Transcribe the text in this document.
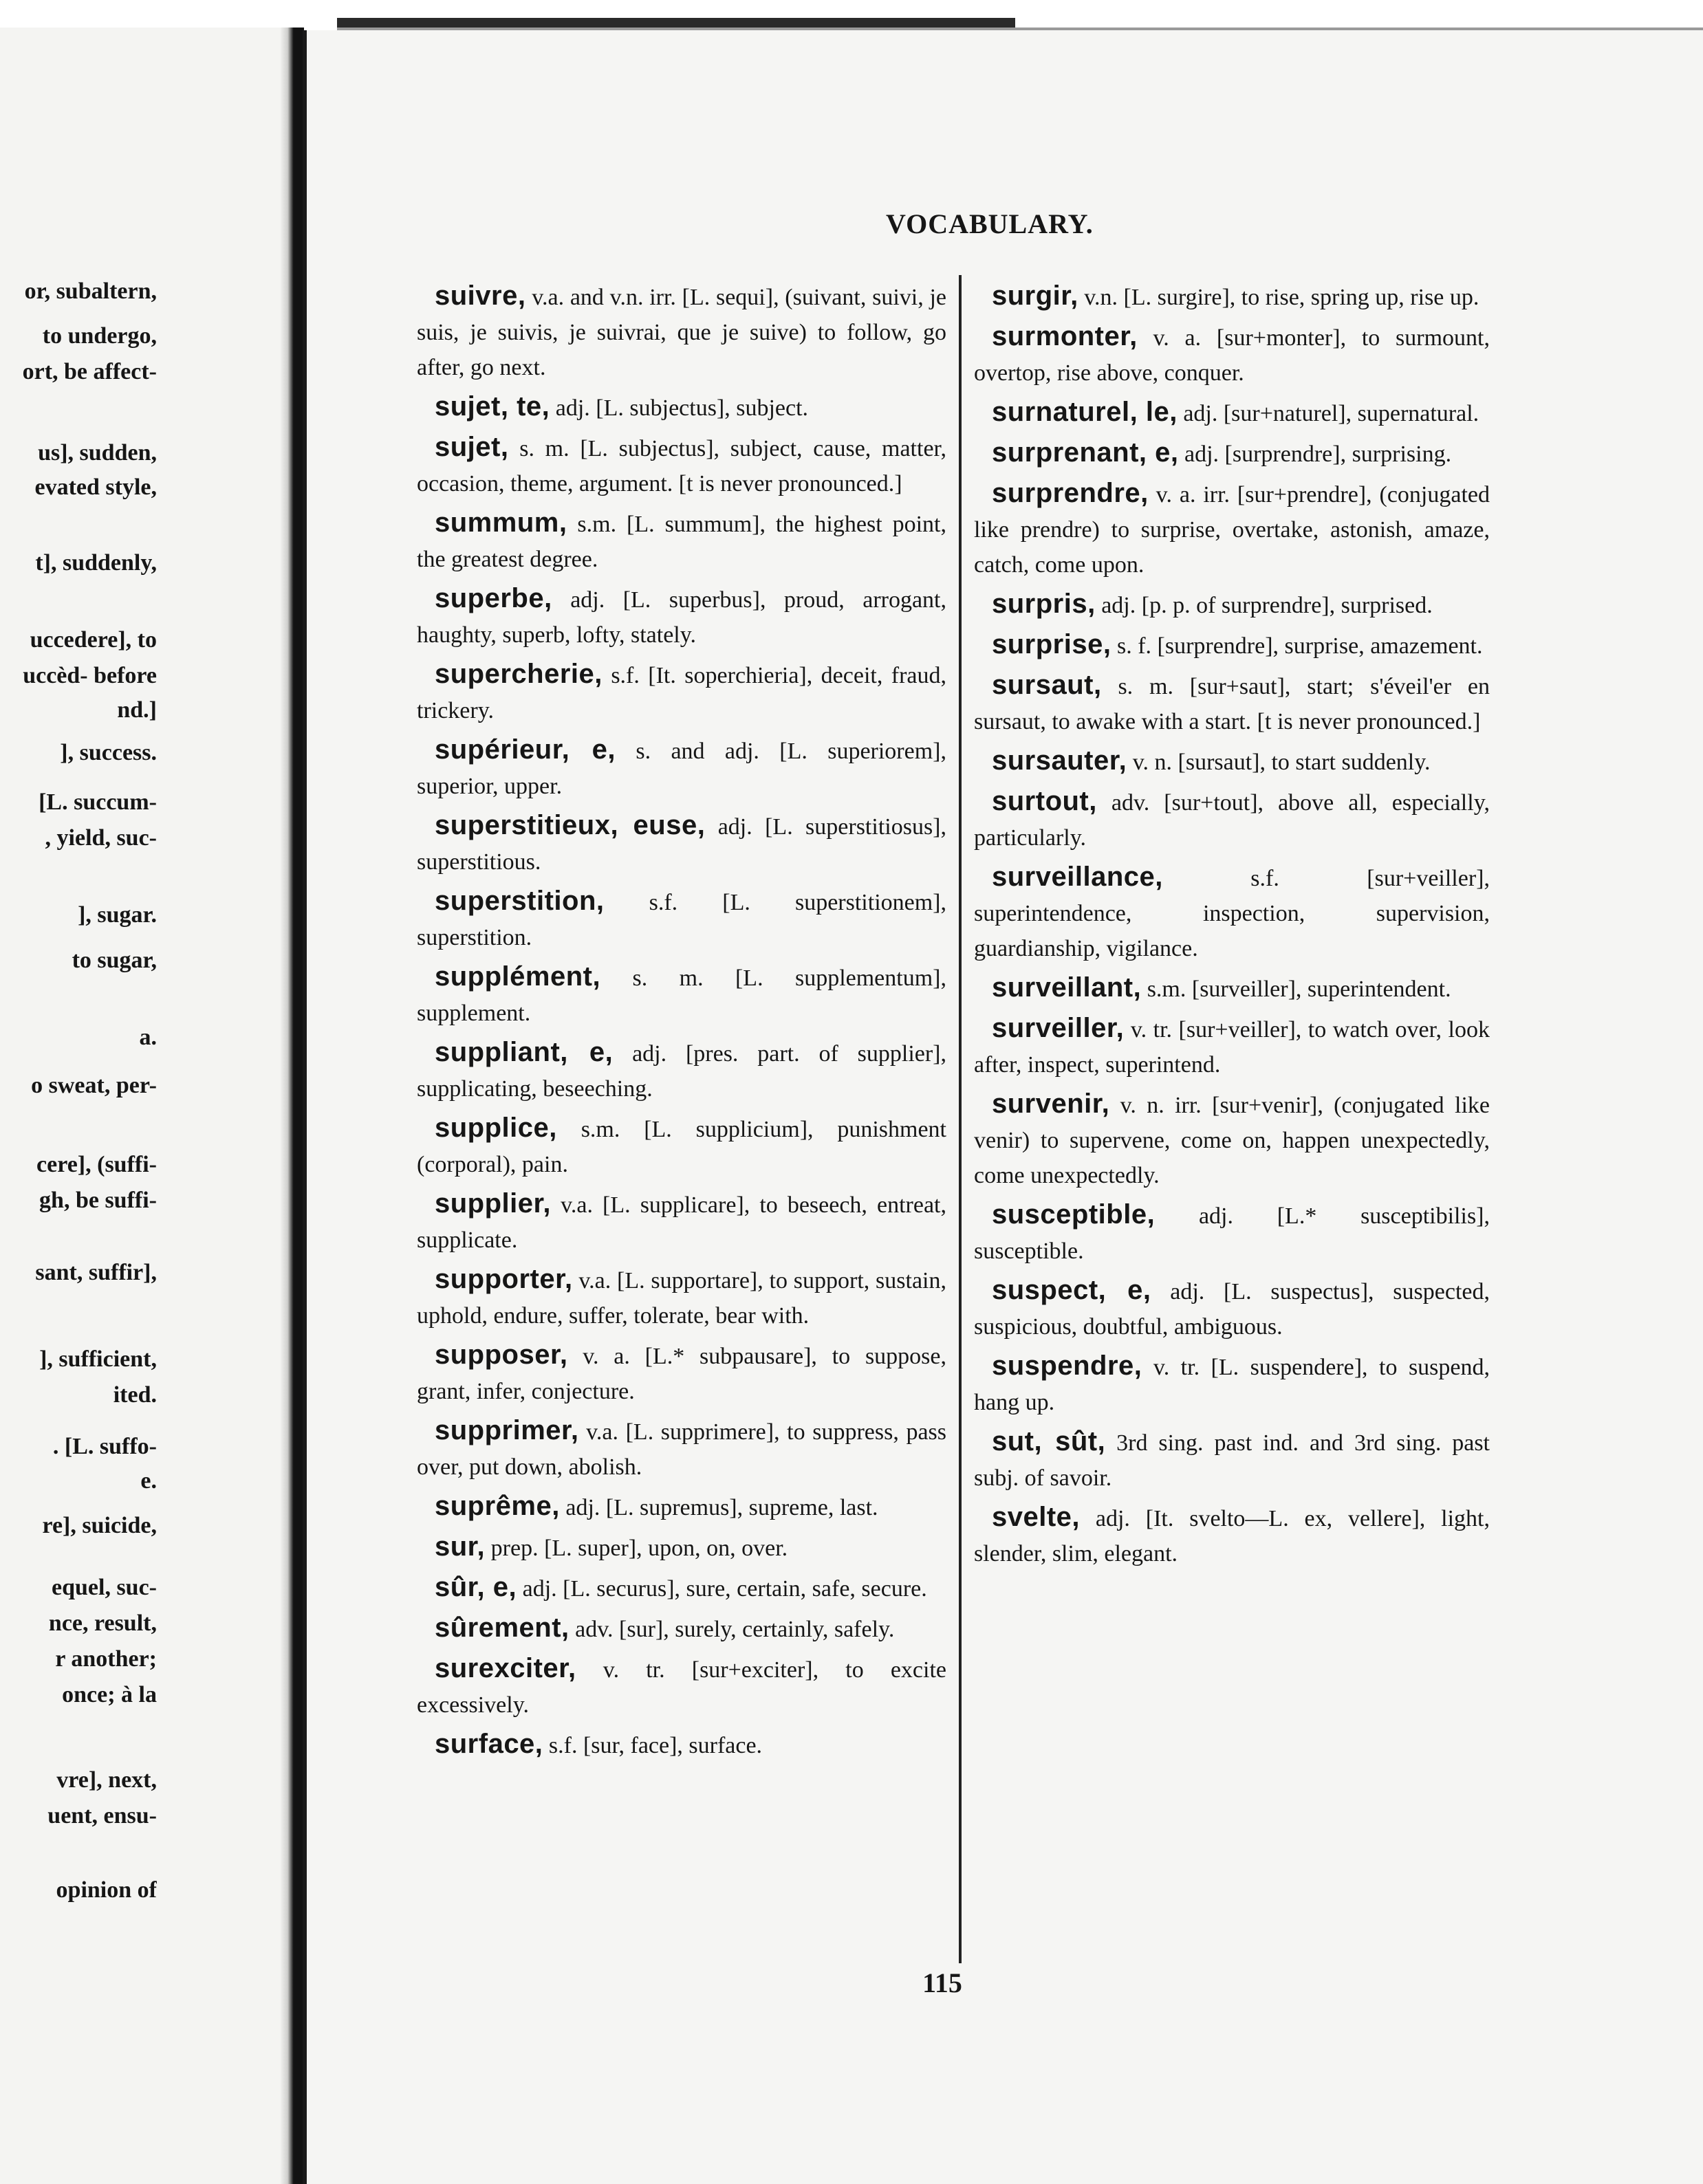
or, subaltern,
to undergo,
ort, be affect-
us], sudden,
evated style,
t], suddenly,
uccedere], to
uccèd- before
nd.]
], success.
[L. succum-
, yield, suc-
], sugar.
to sugar,
a.
o sweat, per-
cere], (suffi-
gh, be suffi-
sant, suffir],
], sufficient,
ited.
. [L. suffo-
e.
re], suicide,
equel, suc-
nce, result,
r another;
once; à la
vre], next,
uent, ensu-
opinion of
VOCABULARY.

suivre, v.a. and v.n. irr. [L. sequi], (suivant, suivi, je suis, je suivis, je suivrai, que je suive) to follow, go after, go next.

sujet, te, adj. [L. subjectus], subject.

sujet, s. m. [L. subjectus], subject, cause, matter, occasion, theme, argument. [t is never pronounced.]

summum, s.m. [L. summum], the highest point, the greatest degree.

superbe, adj. [L. superbus], proud, arrogant, haughty, superb, lofty, stately.

supercherie, s.f. [It. soperchieria], deceit, fraud, trickery.

supérieur, e, s. and adj. [L. superiorem], superior, upper.

superstitieux, euse, adj. [L. superstitiosus], superstitious.

superstition, s.f. [L. superstitionem], superstition.

supplément, s. m. [L. supplementum], supplement.

suppliant, e, adj. [pres. part. of supplier], supplicating, beseeching.

supplice, s.m. [L. supplicium], punishment (corporal), pain.

supplier, v.a. [L. supplicare], to beseech, entreat, supplicate.

supporter, v.a. [L. supportare], to support, sustain, uphold, endure, suffer, tolerate, bear with.

supposer, v. a. [L.* subpausare], to suppose, grant, infer, conjecture.

supprimer, v.a. [L. supprimere], to suppress, pass over, put down, abolish.

suprême, adj. [L. supremus], supreme, last.

sur, prep. [L. super], upon, on, over.

sûr, e, adj. [L. securus], sure, certain, safe, secure.

sûrement, adv. [sur], surely, certainly, safely.

surexciter, v. tr. [sur+exciter], to excite excessively.

surface, s.f. [sur, face], surface.

surgir, v.n. [L. surgire], to rise, spring up, rise up.

surmonter, v. a. [sur+monter], to surmount, overtop, rise above, conquer.

surnaturel, le, adj. [sur+naturel], supernatural.

surprenant, e, adj. [surprendre], surprising.

surprendre, v. a. irr. [sur+prendre], (conjugated like prendre) to surprise, overtake, astonish, amaze, catch, come upon.

surpris, adj. [p. p. of surprendre], surprised.

surprise, s. f. [surprendre], surprise, amazement.

sursaut, s. m. [sur+saut], start; s'éveil'er en sursaut, to awake with a start. [t is never pronounced.]

sursauter, v. n. [sursaut], to start suddenly.

surtout, adv. [sur+tout], above all, especially, particularly.

surveillance, s.f. [sur+veiller], superintendence, inspection, supervision, guardianship, vigilance.

surveillant, s.m. [surveiller], superintendent.

surveiller, v. tr. [sur+veiller], to watch over, look after, inspect, superintend.

survenir, v. n. irr. [sur+venir], (conjugated like venir) to supervene, come on, happen unexpectedly, come unexpectedly.

susceptible, adj. [L.* susceptibilis], susceptible.

suspect, e, adj. [L. suspectus], suspected, suspicious, doubtful, ambiguous.

suspendre, v. tr. [L. suspendere], to suspend, hang up.

sut, sût, 3rd sing. past ind. and 3rd sing. past subj. of savoir.

svelte, adj. [It. svelto—L. ex, vellere], light, slender, slim, elegant.

115
